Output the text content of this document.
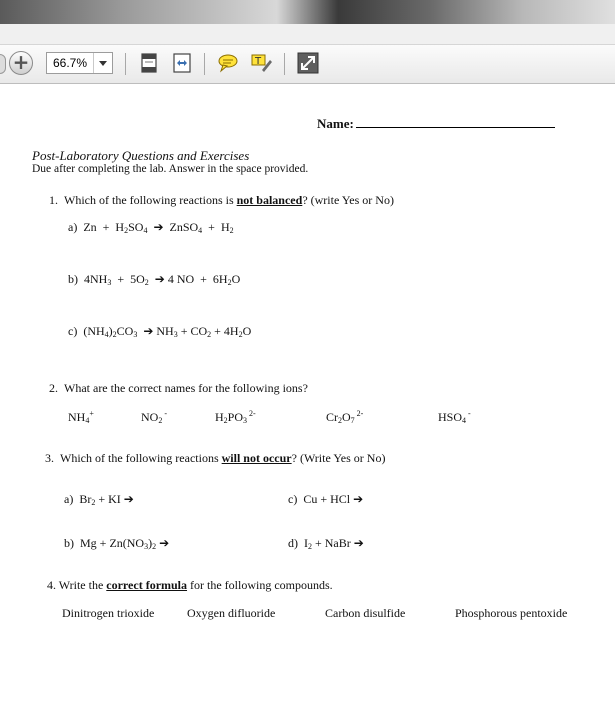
+	66.7%	T
Name:
Post-Laboratory Questions and Exercises
Due after completing the lab. Answer in the space provided.
1.  Which of the following reactions is not balanced? (write Yes or No)
a)  $Zn + H_2SO_4$  ➔  ZnSO$_4$  +  $H_2$
b)  $4NH_3 + 5O_2$  ➔ 4 NO  +  $6H_2O$
c)  $(NH_4)_2CO_3$  ➔ $NH_3 + CO_2 + 4H_2O$
2.  What are the correct names for the following ions?
$NH_4^+$	$NO_2$ -	$H_2PO_3$ $^{2-}$	$Cr_2O_7$ $^{2-}$	$HSO_4$ -
3.  Which of the following reactions will not occur? (Write Yes or No)
a)  $Br_2$ + KI ➔	c)  Cu + HCl ➔
b)  $Mg + Zn(NO_3)_2$ ➔	d)  $I_2$ + NaBr ➔
4. Write the correct formula for the following compounds.
Dinitrogen trioxide	Oxygen difluoride	Carbon disulfide	Phosphorous pentoxide
